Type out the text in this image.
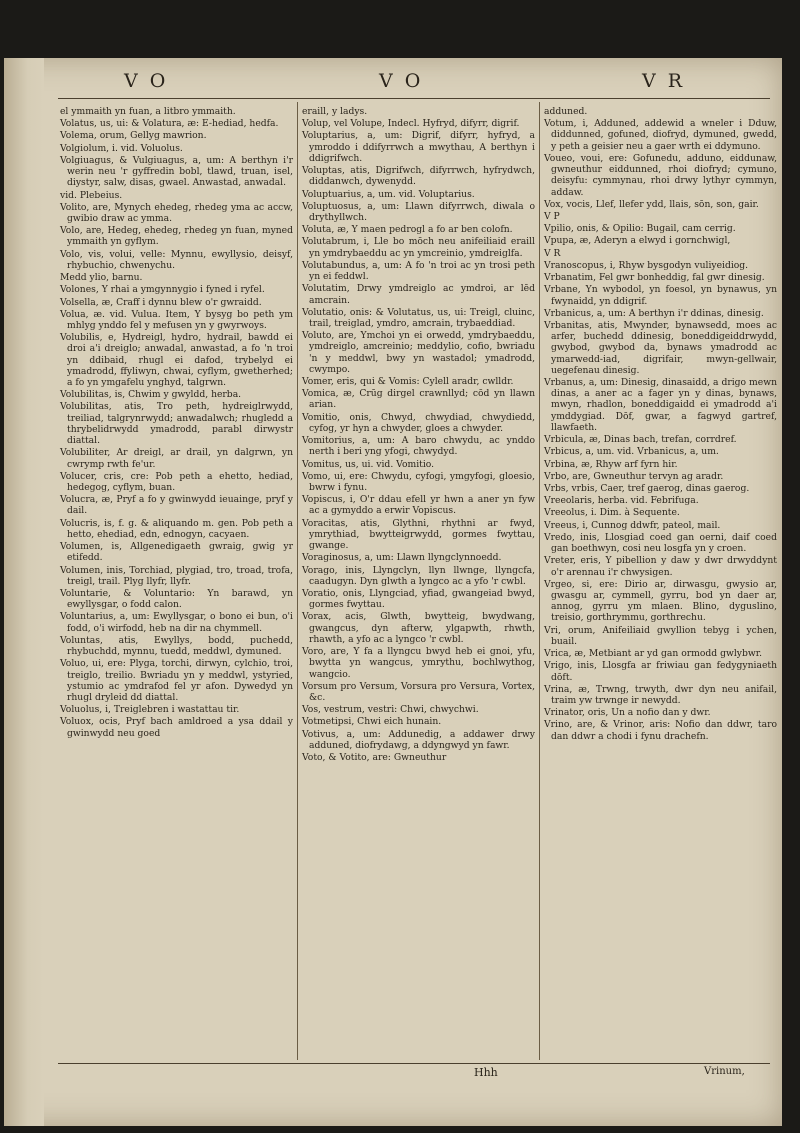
V O	V O	V R

el ymmaith yn fuan, a litbro ymmaith.

Volatus, us, ui: & Volatura, æ: E-hediad, hedfa.

Volema, orum, Gellyg mawrion.

Volgiolum, i. vid. Voluolus.

Volgiuagus, & Vulgiuagus, a, um: A berthyn i'r werin neu 'r gyffredin bobl, tlawd, truan, isel, diystyr, salw, disas, gwael. Anwastad, anwadal.

vid. Plebeius.

Volito, are, Mynych ehedeg, rhedeg yma ac accw, gwibio draw ac ymma.

Volo, are, Hedeg, ehedeg, rhedeg yn fuan, myned ymmaith yn gyflym.

Volo, vis, volui, velle: Mynnu, ewyllysio, deisyf, rhybuchio, chwenychu.

Medd ylio, barnu.

Volones, Y rhai a ymgynnygio i fyned i ryfel.

Volsella, æ, Craff i dynnu blew o'r gwraidd.

Volua, æ. vid. Vulua. Item, Y bysyg bo peth ym mhlyg ynddo fel y mefusen yn y gwyrwoys.

Volubilis, e, Hydreigl, hydro, hydrail, bawdd ei droi a'i dreiglo; anwadal, anwastad, a fo 'n troi yn ddibaid, rhugl ei dafod, trybelyd ei ymadrodd, ffyliwyn, chwai, cyflym, gwetherhed; a fo yn ymgafelu ynghyd, talgrwn.

Volubilitas, is, Chwim y gwyldd, herba.

Volubilitas, atis, Tro peth, hydreiglrwydd, treiliad, talgrynrwydd; anwadalwch; rhugledd a thrybelidrwydd ymadrodd, parabl dirwystr diattal.

Volubiliter, Ar dreigl, ar drail, yn dalgrwn, yn cwrymp rwth fe'ur.

Volucer, cris, cre: Pob peth a ehetto, hediad, hedegog, cyflym, buan.

Volucra, æ, Pryf a fo y gwinwydd ieuainge, pryf y dail.

Volucris, is, f. g. & aliquando m. gen. Pob peth a hetto, ehediad, edn, ednogyn, cacyaen.

Volumen, is, Allgenedigaeth gwraig, gwig yr etifedd.

Volumen, inis, Torchiad, plygiad, tro, troad, trofa, treigl, trail. Plyg llyfr, llyfr.

Voluntarie, & Voluntario: Yn barawd, yn ewyllysgar, o fodd calon.

Voluntarius, a, um: Ewyllysgar, o bono ei bun, o'i fodd, o'i wirfodd, heb na dir na chymmell.

Voluntas, atis, Ewyllys, bodd, puchedd, rhybuchdd, mynnu, tuedd, meddwl, dymuned.

Voluo, ui, ere: Plyga, torchi, dirwyn, cylchio, troi, treiglo, treilio. Bwriadu yn y meddwl, ystyried, ystumio ac ymdrafod fel yr afon. Dywedyd yn rhugl dryleid dd diattal.

Voluolus, i, Treiglebren i wastattau tir.

Voluox, ocis, Pryf bach amldroed a ysa ddail y gwinwydd neu goed

eraill, y ladys.

Volup, vel Volupe, Indecl. Hyfryd, difyrr, digrif.

Voluptarius, a, um: Digrif, difyrr, hyfryd, a ymroddo i ddifyrrwch a mwythau, A berthyn i ddigrifwch.

Voluptas, atis, Digrifwch, difyrrwch, hyfrydwch, diddanwch, dywenydd.

Voluptuarius, a, um. vid. Voluptarius.

Voluptuosus, a, um: Llawn difyrrwch, diwala o drythyllwch.

Voluta, æ, Y maen pedrogl a fo ar ben colofn.

Volutabrum, i, Lle bo mōch neu anifeiliaid eraill yn ymdrybaeddu ac yn ymcreinio, ymdreiglfa.

Volutabundus, a, um: A fo 'n troi ac yn trosi peth yn ei feddwl.

Volutatim, Drwy ymdreiglo ac ymdroi, ar lēd amcrain.

Volutatio, onis: & Volutatus, us, ui: Treigl, cluinc, trail, treiglad, ymdro, amcrain, trybaeddiad.

Voluto, are, Ymchoi yn ei orwedd, ymdrybaeddu, ymdreiglo, amcreinio; meddylio, cofio, bwriadu 'n y meddwl, bwy yn wastadol; ymadrodd, cwympo.

Vomer, eris, qui & Vomis: Cylell aradr, cwlldr.

Vomica, æ, Crūg dirgel crawnllyd; cōd yn llawn arian.

Vomitio, onis, Chwyd, chwydiad, chwydiedd, cyfog, yr hyn a chwyder, gloes a chwyder.

Vomitorius, a, um: A baro chwydu, ac ynddo nerth i beri yng yfogi, chwydyd.

Vomitus, us, ui. vid. Vomitio.

Vomo, ui, ere: Chwydu, cyfogi, ymgyfogi, gloesio, bwrw i fynu.

Vopiscus, i, O'r ddau efell yr hwn a aner yn fyw ac a gymyddo a erwir Vopiscus.

Voracitas, atis, Glythni, rhythni ar fwyd, ymrythiad, bwytteigrwydd, gormes fwyttau, gwange.

Voraginosus, a, um: Llawn llyngclynnoedd.

Vorago, inis, Llyngclyn, llyn llwnge, llyngcfa, caadugyn. Dyn glwth a lyngco ac a yfo 'r cwbl.

Voratio, onis, Llyngciad, yfiad, gwangeiad bwyd, gormes fwyttau.

Vorax, acis, Glwth, bwytteig, bwydwang, gwangcus, dyn afterw, ylgapwth, rhwth, rhawth, a yfo ac a lyngco 'r cwbl.

Voro, are, Y fa a llyngcu bwyd heb ei gnoi, yfu, bwytta yn wangcus, ymrythu, bochlwythog, wangcio.

Vorsum pro Versum, Vorsura pro Versura, Vortex, &c.

Vos, vestrum, vestri: Chwi, chwychwi.

Votmetipsi, Chwi eich hunain.

Votivus, a, um: Addunedig, a addawer drwy adduned, diofrydawg, a ddyngwyd yn fawr.

Voto, & Votito, are: Gwneuthur

adduned.

Votum, i, Adduned, addewid a wneler i Dduw, diddunned, gofuned, diofryd, dymuned, gwedd, y peth a geisier neu a gaer wrth ei ddymuno.

Voueo, voui, ere: Gofunedu, adduno, eiddunaw, gwneuthur eiddunned, rhoi diofryd; cymuno, deisyfu: cymmynau, rhoi drwy lythyr cymmyn, addaw.

Vox, vocis, Llef, llefer ydd, llais, sōn, son, gair.

V P

Vpilio, onis, & Opilio: Bugail, cam cerrig.

Vpupa, æ, Aderyn a elwyd i gornchwigl,

V R

Vranoscopus, i, Rhyw bysgodyn vuliyeidiog.

Vrbanatim, Fel gwr bonheddig, fal gwr dinesig.

Vrbane, Yn wybodol, yn foesol, yn bynawus, yn fwynaidd, yn ddigrif.

Vrbanicus, a, um: A berthyn i'r ddinas, dinesig.

Vrbanitas, atis, Mwynder, bynawsedd, moes ac arfer, buchedd ddinesig, boneddigeiddrwydd, gwybod, gwybod da, bynaws ymadrodd ac ymarwedd-iad, digrifair, mwyn-gellwair, uegefenau dinesig.

Vrbanus, a, um: Dinesig, dinasaidd, a drigo mewn dinas, a aner ac a fager yn y dinas, bynaws, mwyn, rhadlon, boneddigaidd ei ymadrodd a'i ymddygiad. Dōf, gwar, a fagwyd gartref, llawfaeth.

Vrbicula, æ, Dinas bach, trefan, corrdref.

Vrbicus, a, um. vid. Vrbanicus, a, um.

Vrbina, æ, Rhyw arf fyrn hir.

Vrbo, are, Gwneuthur tervyn ag aradr.

Vrbs, vrbis, Caer, tref gaerog, dinas gaerog.

Vreeolaris, herba. vid. Febrifuga.

Vreeolus, i. Dim. à Sequente.

Vreeus, i, Cunnog ddwfr, pateol, mail.

Vredo, inis, Llosgiad coed gan oerni, daif coed gan boethwyn, cosi neu losgfa yn y croen.

Vreter, eris, Y pibellion y daw y dwr drwyddynt o'r arennau i'r chwysigen.

Vrgeo, si, ere: Dirio ar, dirwasgu, gwysio ar, gwasgu ar, cymmell, gyrru, bod yn daer ar, annog, gyrru ym mlaen. Blino, dyguslino, treisio, gorthrymmu, gorthrechu.

Vri, orum, Anifeiliaid gwyllion tebyg i ychen, buail.

Vrica, æ, Metbiant ar yd gan ormodd gwlybwr.

Vrigo, inis, Llosgfa ar friwiau gan fedygyniaeth dōft.

Vrina, æ, Trwng, trwyth, dwr dyn neu anifail, traim yw trwnge ir newydd.

Vrinator, oris, Un a nofio dan y dwr.

Vrino, are, & Vrinor, aris: Nofio dan ddwr, taro dan ddwr a chodi i fynu drachefn.

Hhh	Vrinum,
